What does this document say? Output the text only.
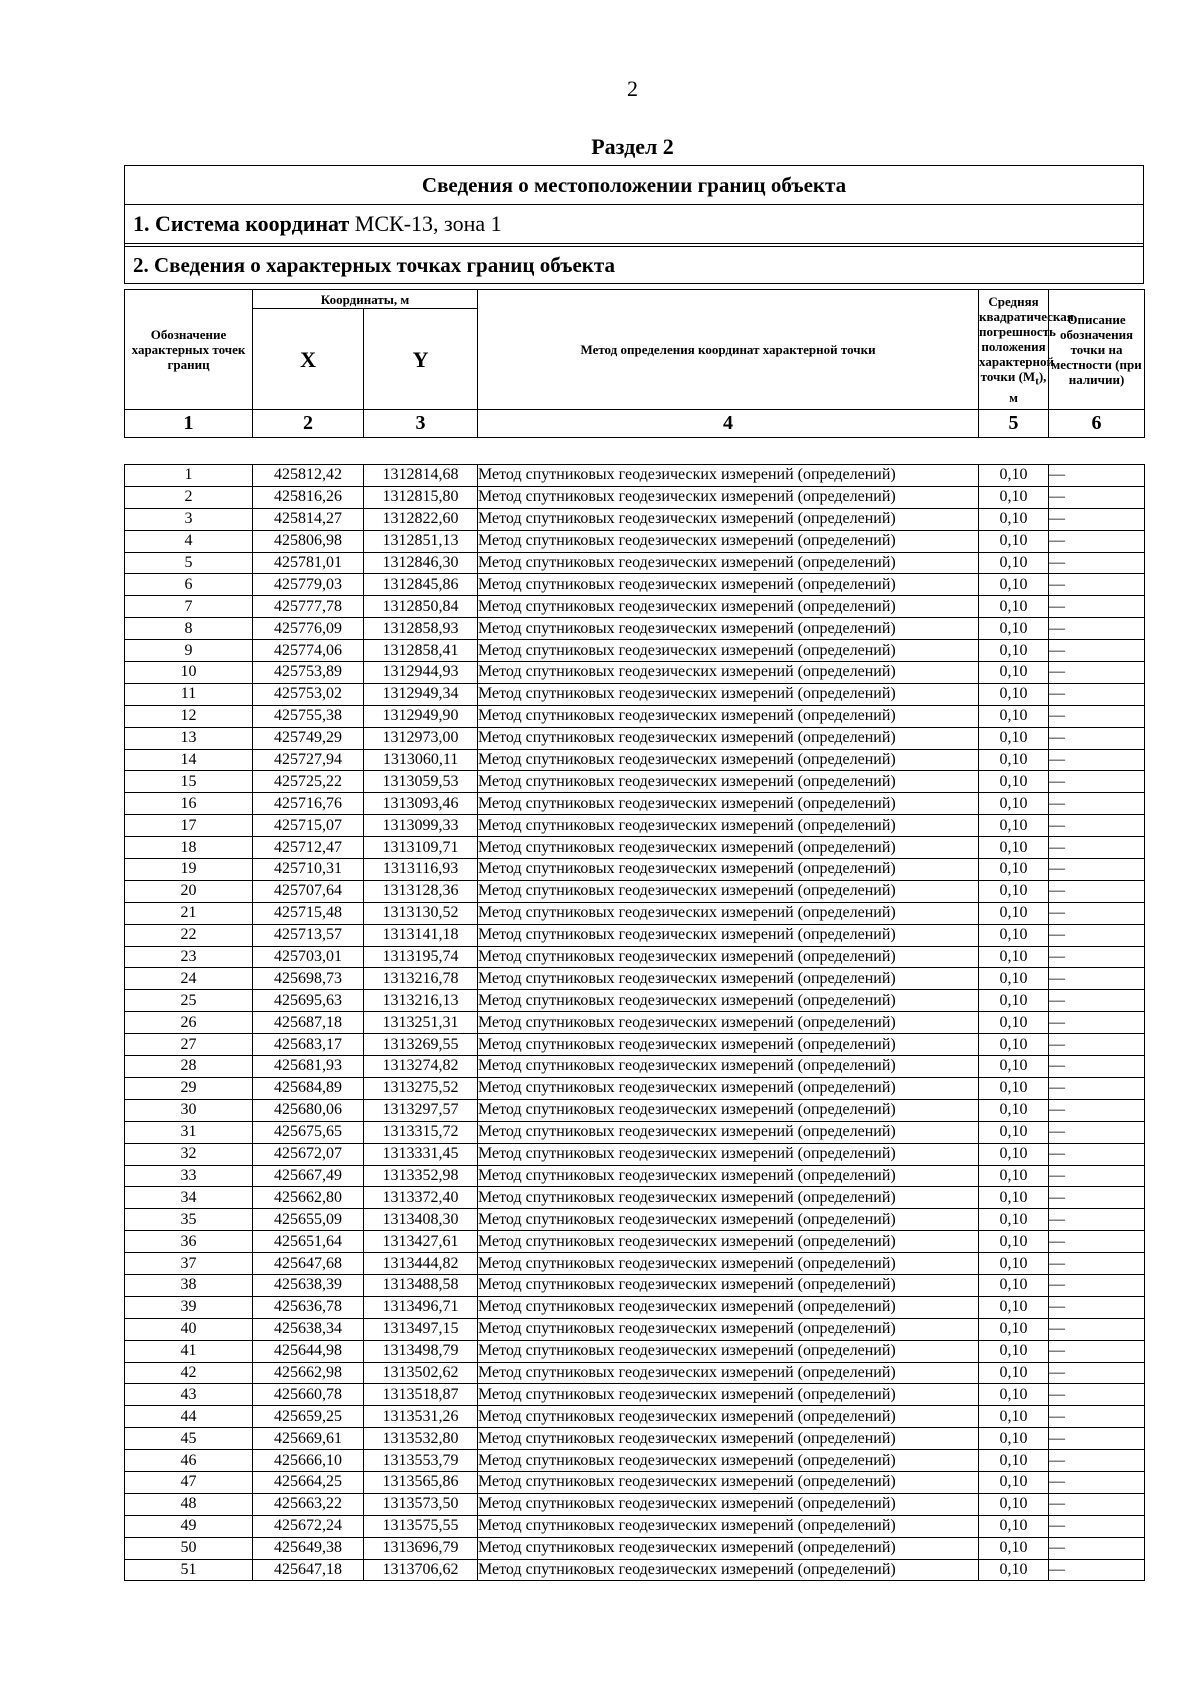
2
Раздел 2
Сведения о местоположении границ объекта
1. Система координат МСК-13, зона 1
2. Сведения о характерных точках границ объекта
Обозначение характерных точек границ	Координаты, м		Метод определения координат характерной точки	Средняя квадратическая погрешность положения характерной точки $(M_t)$, м	Описание обозначения точки на местности (при наличии)
	X	Y			
1	2	3	4	5	6

1	425812,42	1312814,68	Метод спутниковых геодезических измерений (определений)	0,10	—
2	425816,26	1312815,80	Метод спутниковых геодезических измерений (определений)	0,10	—
3	425814,27	1312822,60	Метод спутниковых геодезических измерений (определений)	0,10	—
4	425806,98	1312851,13	Метод спутниковых геодезических измерений (определений)	0,10	—
5	425781,01	1312846,30	Метод спутниковых геодезических измерений (определений)	0,10	—
6	425779,03	1312845,86	Метод спутниковых геодезических измерений (определений)	0,10	—
7	425777,78	1312850,84	Метод спутниковых геодезических измерений (определений)	0,10	—
8	425776,09	1312858,93	Метод спутниковых геодезических измерений (определений)	0,10	—
9	425774,06	1312858,41	Метод спутниковых геодезических измерений (определений)	0,10	—
10	425753,89	1312944,93	Метод спутниковых геодезических измерений (определений)	0,10	—
11	425753,02	1312949,34	Метод спутниковых геодезических измерений (определений)	0,10	—
12	425755,38	1312949,90	Метод спутниковых геодезических измерений (определений)	0,10	—
13	425749,29	1312973,00	Метод спутниковых геодезических измерений (определений)	0,10	—
14	425727,94	1313060,11	Метод спутниковых геодезических измерений (определений)	0,10	—
15	425725,22	1313059,53	Метод спутниковых геодезических измерений (определений)	0,10	—
16	425716,76	1313093,46	Метод спутниковых геодезических измерений (определений)	0,10	—
17	425715,07	1313099,33	Метод спутниковых геодезических измерений (определений)	0,10	—
18	425712,47	1313109,71	Метод спутниковых геодезических измерений (определений)	0,10	—
19	425710,31	1313116,93	Метод спутниковых геодезических измерений (определений)	0,10	—
20	425707,64	1313128,36	Метод спутниковых геодезических измерений (определений)	0,10	—
21	425715,48	1313130,52	Метод спутниковых геодезических измерений (определений)	0,10	—
22	425713,57	1313141,18	Метод спутниковых геодезических измерений (определений)	0,10	—
23	425703,01	1313195,74	Метод спутниковых геодезических измерений (определений)	0,10	—
24	425698,73	1313216,78	Метод спутниковых геодезических измерений (определений)	0,10	—
25	425695,63	1313216,13	Метод спутниковых геодезических измерений (определений)	0,10	—
26	425687,18	1313251,31	Метод спутниковых геодезических измерений (определений)	0,10	—
27	425683,17	1313269,55	Метод спутниковых геодезических измерений (определений)	0,10	—
28	425681,93	1313274,82	Метод спутниковых геодезических измерений (определений)	0,10	—
29	425684,89	1313275,52	Метод спутниковых геодезических измерений (определений)	0,10	—
30	425680,06	1313297,57	Метод спутниковых геодезических измерений (определений)	0,10	—
31	425675,65	1313315,72	Метод спутниковых геодезических измерений (определений)	0,10	—
32	425672,07	1313331,45	Метод спутниковых геодезических измерений (определений)	0,10	—
33	425667,49	1313352,98	Метод спутниковых геодезических измерений (определений)	0,10	—
34	425662,80	1313372,40	Метод спутниковых геодезических измерений (определений)	0,10	—
35	425655,09	1313408,30	Метод спутниковых геодезических измерений (определений)	0,10	—
36	425651,64	1313427,61	Метод спутниковых геодезических измерений (определений)	0,10	—
37	425647,68	1313444,82	Метод спутниковых геодезических измерений (определений)	0,10	—
38	425638,39	1313488,58	Метод спутниковых геодезических измерений (определений)	0,10	—
39	425636,78	1313496,71	Метод спутниковых геодезических измерений (определений)	0,10	—
40	425638,34	1313497,15	Метод спутниковых геодезических измерений (определений)	0,10	—
41	425644,98	1313498,79	Метод спутниковых геодезических измерений (определений)	0,10	—
42	425662,98	1313502,62	Метод спутниковых геодезических измерений (определений)	0,10	—
43	425660,78	1313518,87	Метод спутниковых геодезических измерений (определений)	0,10	—
44	425659,25	1313531,26	Метод спутниковых геодезических измерений (определений)	0,10	—
45	425669,61	1313532,80	Метод спутниковых геодезических измерений (определений)	0,10	—
46	425666,10	1313553,79	Метод спутниковых геодезических измерений (определений)	0,10	—
47	425664,25	1313565,86	Метод спутниковых геодезических измерений (определений)	0,10	—
48	425663,22	1313573,50	Метод спутниковых геодезических измерений (определений)	0,10	—
49	425672,24	1313575,55	Метод спутниковых геодезических измерений (определений)	0,10	—
50	425649,38	1313696,79	Метод спутниковых геодезических измерений (определений)	0,10	—
51	425647,18	1313706,62	Метод спутниковых геодезических измерений (определений)	0,10	—
